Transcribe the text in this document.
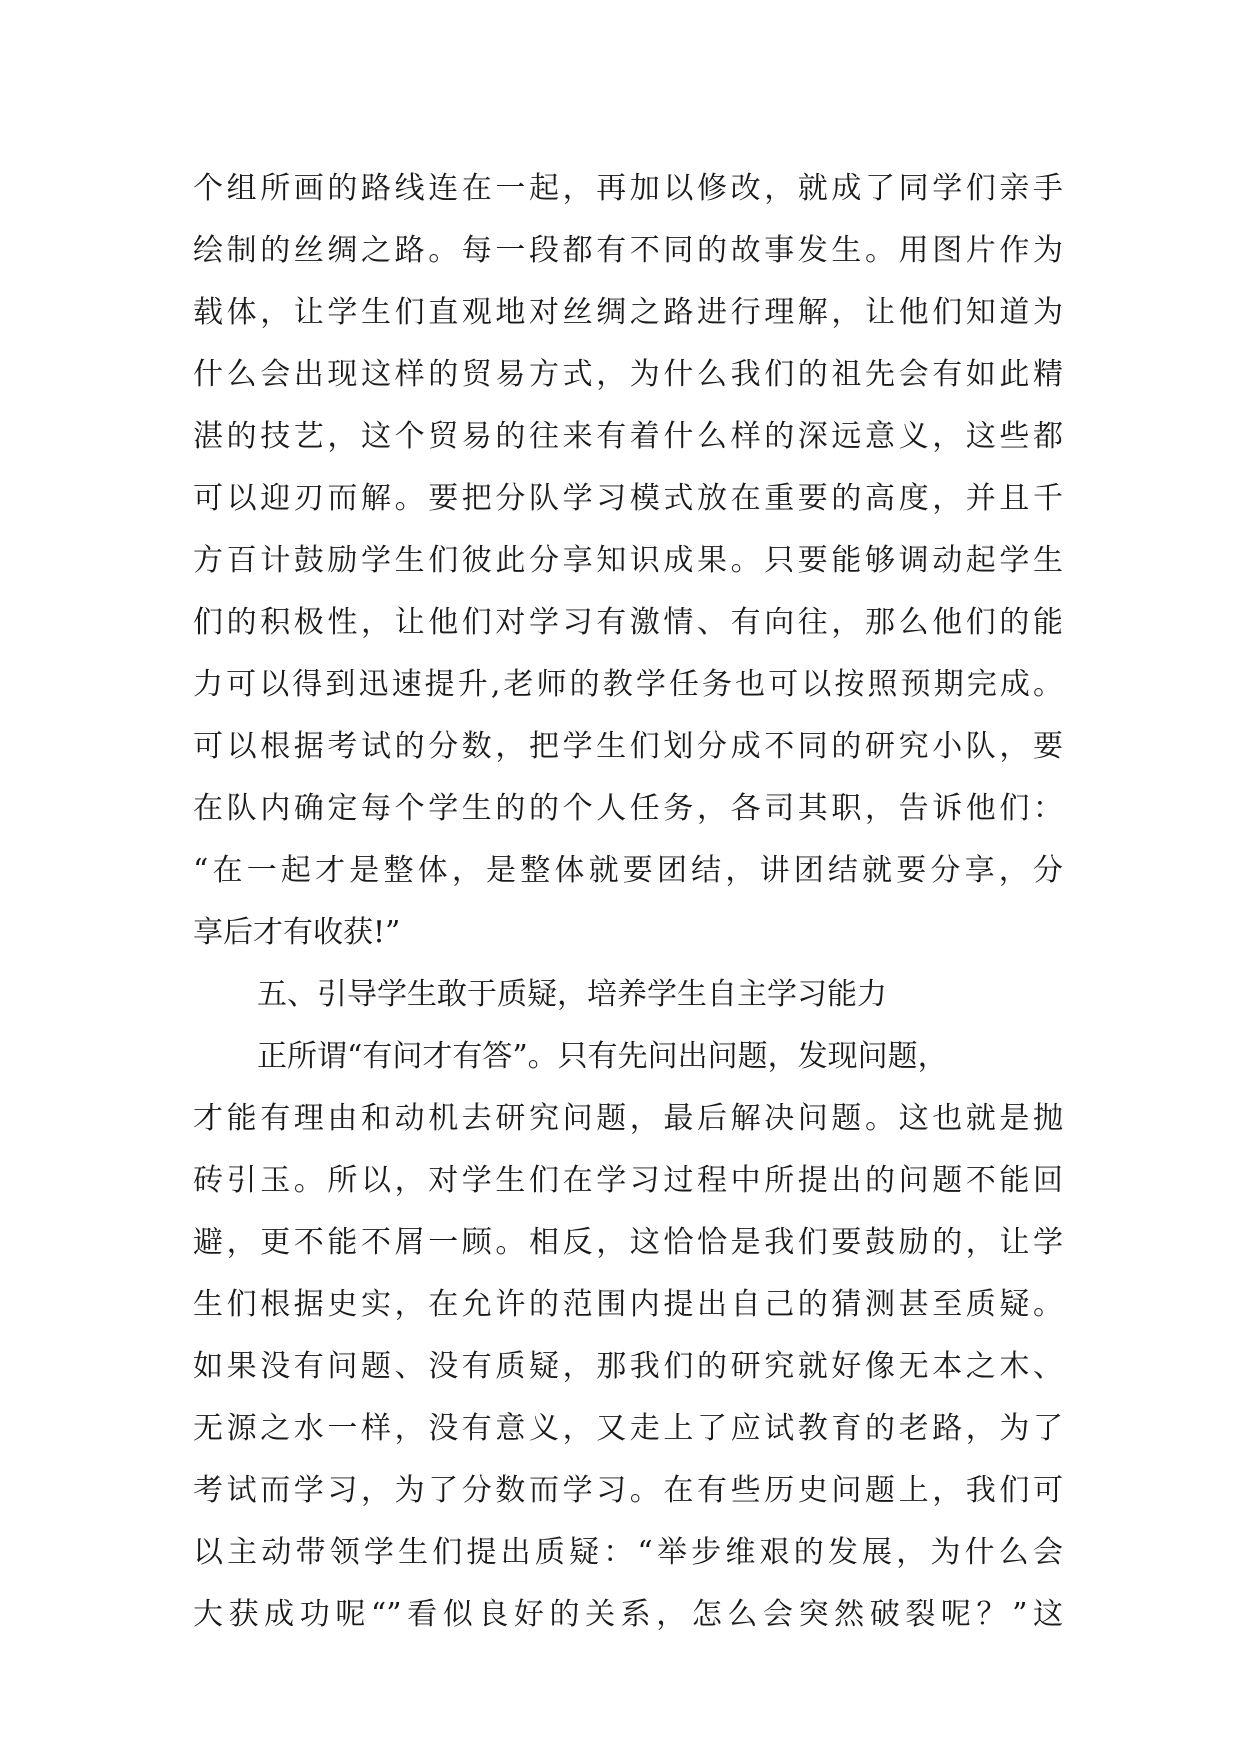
个组所画的路线连在一起，再加以修改，就成了同学们亲手
绘制的丝绸之路。每一段都有不同的故事发生。用图片作为
载体，让学生们直观地对丝绸之路进行理解，让他们知道为
什么会出现这样的贸易方式，为什么我们的祖先会有如此精
湛的技艺，这个贸易的往来有着什么样的深远意义，这些都
可以迎刃而解。要把分队学习模式放在重要的高度，并且千
方百计鼓励学生们彼此分享知识成果。只要能够调动起学生
们的积极性，让他们对学习有激情、有向往，那么他们的能
力可以得到迅速提升,老师的教学任务也可以按照预期完成。
可以根据考试的分数，把学生们划分成不同的研究小队，要
在队内确定每个学生的的个人任务，各司其职，告诉他们：
“在一起才是整体，是整体就要团结，讲团结就要分享，分
享后才有收获!”
五、引导学生敢于质疑，培养学生自主学习能力
正所谓“有问才有答”。只有先问出问题，发现问题，
才能有理由和动机去研究问题，最后解决问题。这也就是抛
砖引玉。所以，对学生们在学习过程中所提出的问题不能回
避，更不能不屑一顾。相反，这恰恰是我们要鼓励的，让学
生们根据史实，在允许的范围内提出自己的猜测甚至质疑。
如果没有问题、没有质疑，那我们的研究就好像无本之木、
无源之水一样，没有意义，又走上了应试教育的老路，为了
考试而学习，为了分数而学习。在有些历史问题上，我们可
以主动带领学生们提出质疑：“举步维艰的发展，为什么会
大获成功呢“”看似良好的关系，怎么会突然破裂呢？”这
